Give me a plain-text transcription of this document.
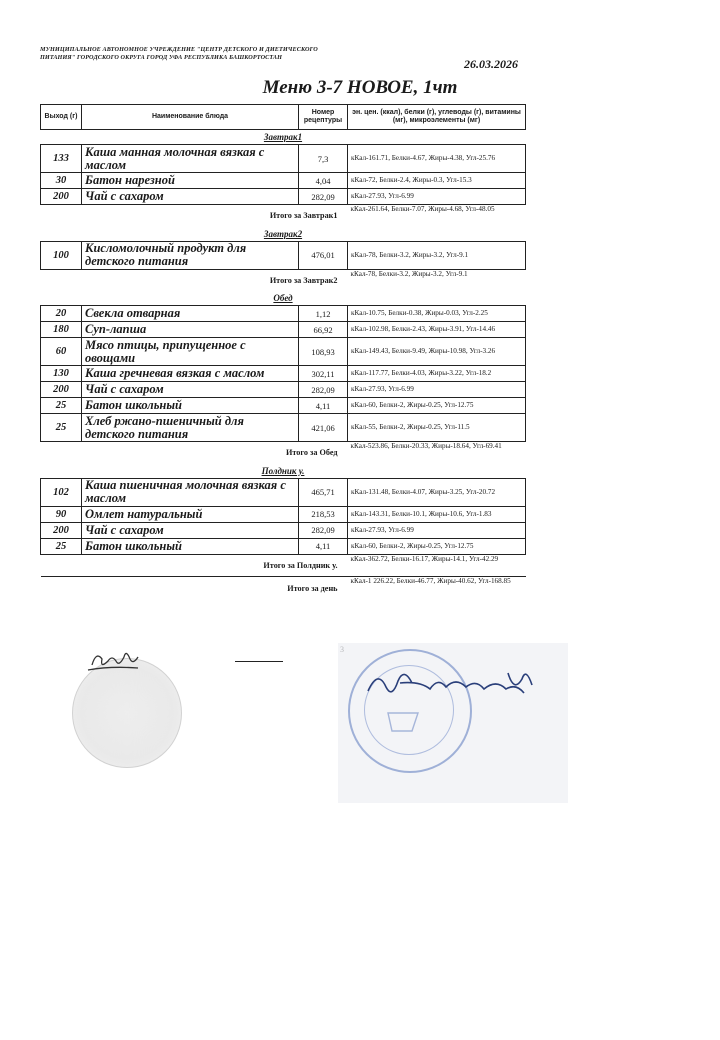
МУНИЦИПАЛЬНОЕ АВТОНОМНОЕ УЧРЕЖДЕНИЕ "ЦЕНТР ДЕТСКОГО И ДИЕТИЧЕСКОГО ПИТАНИЯ" ГОРОДСКОГО ОКРУГА ГОРОД УФА РЕСПУБЛИКА БАШКОРТОСТАН	26.03.2026
Меню 3-7 НОВОЕ, 1чт
Выход (г)	Наименование блюда	Номер рецептуры	эн. цен. (ккал), белки (г), углеводы (г), витамины (мг), микроэлементы (мг)
Завтрак1			
133	Каша манная молочная вязкая с маслом	7,3	кКал-161.71, Белки-4.67, Жиры-4.38, Угл-25.76
30	Батон нарезной	4,04	кКал-72, Белки-2.4, Жиры-0.3, Угл-15.3
200	Чай с сахаром	282,09	кКал-27.93, Угл-6.99
Итого за Завтрак1			кКал-261.64, Белки-7.07, Жиры-4.68, Угл-48.05
Завтрак2			
100	Кисломолочный продукт для детского питания	476,01	кКал-78, Белки-3.2, Жиры-3.2, Угл-9.1
Итого за Завтрак2			кКал-78, Белки-3.2, Жиры-3.2, Угл-9.1
Обед			
20	Свекла отварная	1,12	кКал-10.75, Белки-0.38, Жиры-0.03, Угл-2.25
180	Суп-лапша	66,92	кКал-102.98, Белки-2.43, Жиры-3.91, Угл-14.46
60	Мясо птицы, припущенное с овощами	108,93	кКал-149.43, Белки-9.49, Жиры-10.98, Угл-3.26
130	Каша гречневая вязкая с маслом	302,11	кКал-117.77, Белки-4.03, Жиры-3.22, Угл-18.2
200	Чай с сахаром	282,09	кКал-27.93, Угл-6.99
25	Батон школьный	4,11	кКал-60, Белки-2, Жиры-0.25, Угл-12.75
25	Хлеб ржано-пшеничный для детского питания	421,06	кКал-55, Белки-2, Жиры-0.25, Угл-11.5
Итого за Обед			кКал-523.86, Белки-20.33, Жиры-18.64, Угл-69.41
Полдник у.			
102	Каша пшеничная молочная вязкая с маслом	465,71	кКал-131.48, Белки-4.07, Жиры-3.25, Угл-20.72
90	Омлет натуральный	218,53	кКал-143.31, Белки-10.1, Жиры-10.6, Угл-1.83
200	Чай с сахаром	282,09	кКал-27.93, Угл-6.99
25	Батон школьный	4,11	кКал-60, Белки-2, Жиры-0.25, Угл-12.75
Итого за Полдник у.			кКал-362.72, Белки-16.17, Жиры-14.1, Угл-42.29
Итого за день			кКал-1 226.22, Белки-46.77, Жиры-40.62, Угл-168.85
